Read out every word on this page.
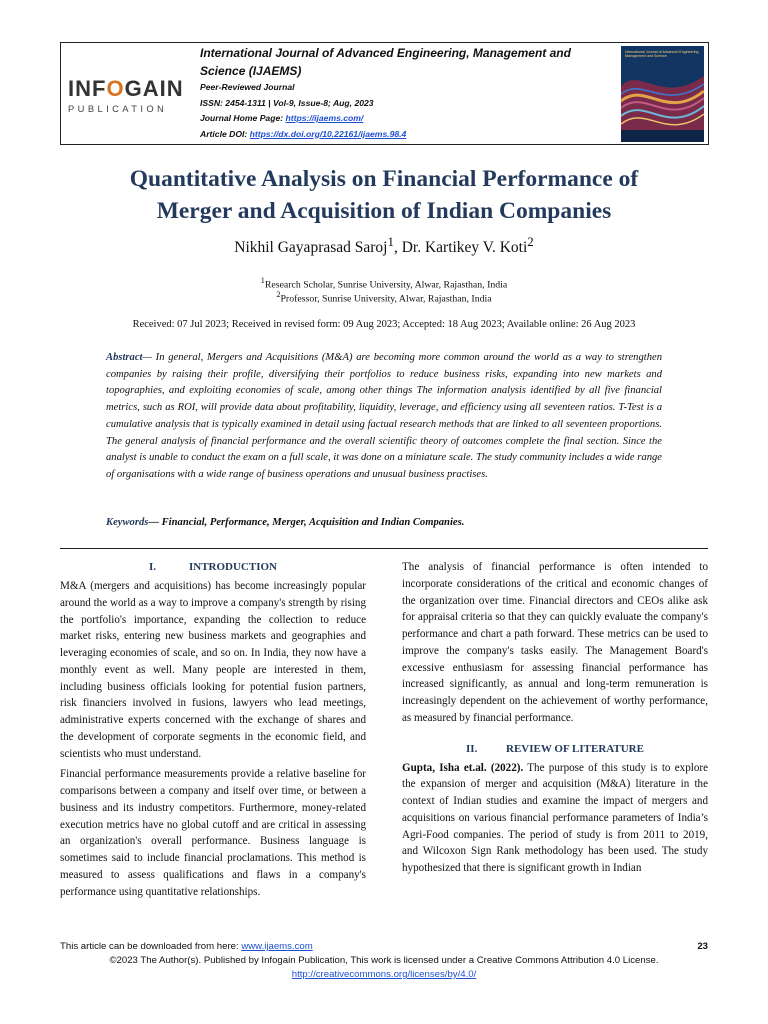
INFOGAIN
PUBLICATION
International Journal of Advanced Engineering, Management and
Science (IJAEMS)
Peer-Reviewed Journal
ISSN: 2454-1311 | Vol-9, Issue-8; Aug, 2023
Journal Home Page: https://ijaems.com/
Article DOI: https://dx.doi.org/10.22161/ijaems.98.4
International Journal of Advanced Engineering Management and Science
Quantitative Analysis on Financial Performance of
Merger and Acquisition of Indian Companies
Nikhil Gayaprasad Saroj$^1$, Dr. Kartikey V. Koti$^2$
$^1$Research Scholar, Sunrise University, Alwar, Rajasthan, India
$^2$Professor, Sunrise University, Alwar, Rajasthan, India
Received: 07 Jul 2023; Received in revised form: 09 Aug 2023; Accepted: 18 Aug 2023; Available online: 26 Aug 2023
Abstract— In general, Mergers and Acquisitions (M&A) are becoming more common around the world as a way to strengthen companies by raising their profile, diversifying their portfolios to reduce business risks, expanding into new markets and topographies, and exploiting economies of scale, among other things The information analysis identified by all five financial metrics, such as ROI, will provide data about profitability, liquidity, leverage, and efficiency using all seventeen ratios. T-Test is a cumulative analysis that is typically examined in detail using factual research methods that are linked to all seventeen proportions. The general analysis of financial performance and the overall scientific theory of outcomes complete the final section. Since the analyst is unable to conduct the exam on a full scale, it was done on a miniature scale. The study community includes a wide range of organisations with a wide range of business operations and unusual business practises.
Keywords— Financial, Performance, Merger, Acquisition and Indian Companies.
I.	INTRODUCTION

M&A (mergers and acquisitions) has become increasingly popular around the world as a way to improve a company's strength by rising the portfolio's importance, expanding the collection to reduce market risks, entering new business markets and geographies and leveraging economies of scale, and so on. In India, they now have a monthly event as well. Many people are interested in them, including business officials looking for potential fusion partners, risk financiers involved in fusions, lawyers who lead meetings, administrative experts concerned with the exchange of shares and the development of corporate segments in the economic field, and scientists who must understand.

Financial performance measurements provide a relative baseline for comparisons between a company and itself over time, or between a business and its industry competitors. Furthermore, money-related execution metrics have no global cutoff and are critical in assessing an organization's overall performance. Business language is sometimes said to include financial proclamations. This method is measured to assess qualifications and flaws in a company's performance using quantitative relationships.

The analysis of financial performance is often intended to incorporate considerations of the critical and economic changes of the organization over time. Financial directors and CEOs alike ask for appraisal criteria so that they can quickly evaluate the company's performance and chart a path forward. These metrics can be used to improve the company's tasks easily. The Management Board's excessive enthusiasm for assessing financial performance has increased significantly, as annual and long-term remuneration is increasingly dependent on the achievement of worthy performance, as measured by financial performance.

II.	REVIEW OF LITERATURE

Gupta, Isha et.al. (2022). The purpose of this study is to explore the expansion of merger and acquisition (M&A) literature in the context of Indian studies and examine the impact of mergers and acquisitions on various financial performance parameters of India’s Agri-Food companies. The period of study is from 2011 to 2019, and Wilcoxon Sign Rank methodology has been used. The study hypothesized that there is significant growth in Indian

This article can be downloaded from here: www.ijaems.com	23
©2023 The Author(s). Published by Infogain Publication, This work is licensed under a Creative Commons Attribution 4.0 License.
http://creativecommons.org/licenses/by/4.0/
